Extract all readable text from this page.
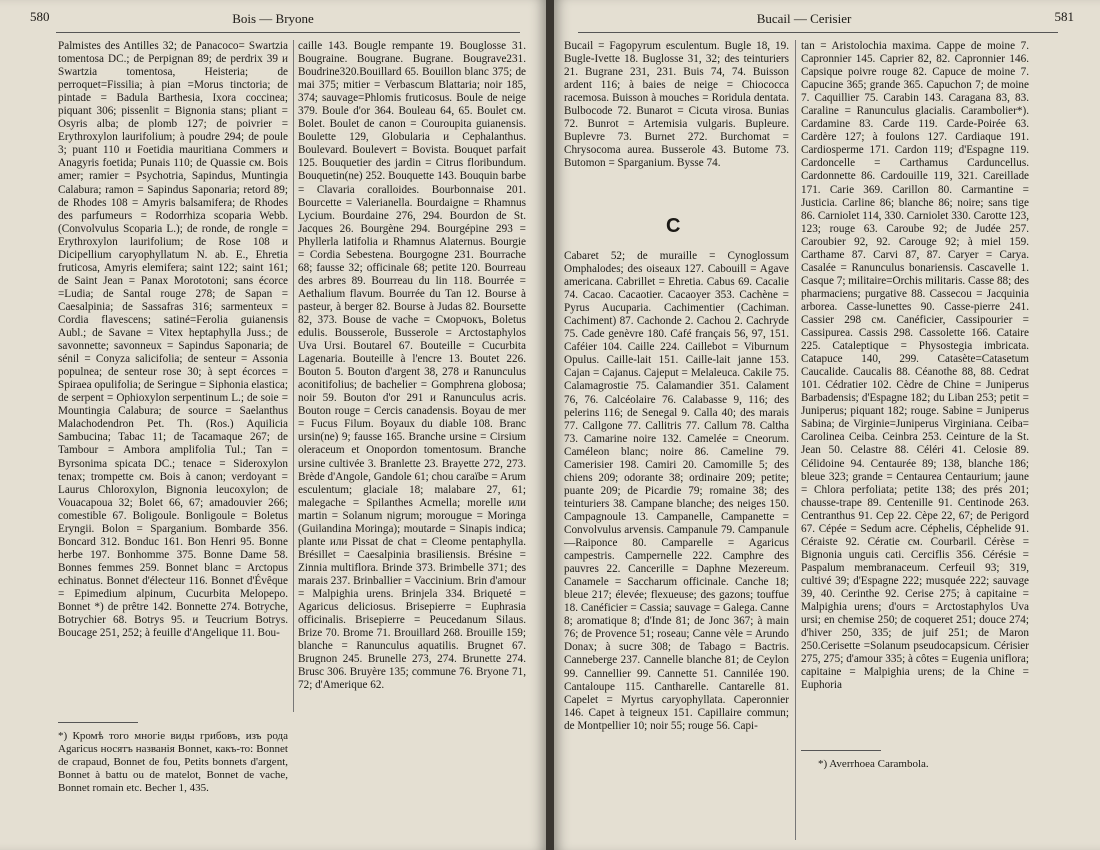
580	Bois — Bryone

Palmistes des Antilles 32; de Panacoco= Swartzia tomentosa DC.; de Perpignan 89; de perdrix 39 и Swartzia tomentosa, Heisteria; de perroquet=Fissilia; à pian =Morus tinctoria; de pintade = Badula Barthesia, Ixora coccinea; piquant 306; pissenlit = Bignonia stans; pliant = Osyris alba; de plomb 127; de poivrier = Erythroxylon laurifolium; à poudre 294; de poule 3; puant 110 и Foetidia mauritiana Commers и Anagyris foetida; Punais 110; de Quassie см. Bois amer; ramier = Psychotria, Sapindus, Muntingia Calabura; ramon = Sapindus Saponaria; retord 89; de Rhodes 108 = Amyris balsamifera; de Rhodes des parfumeurs = Rodorrhiza scoparia Webb. (Convolvulus Scoparia L.); de ronde, de rongle = Erythroxylon laurifolium; de Rose 108 и Dicipellium caryophyllatum N. ab. E., Ehretia fruticosa, Amyris elemifera; saint 122; saint 161; de Saint Jean = Panax Morototoni; sans écorce =Ludia; de Santal rouge 278; de Sapan = Caesalpinia; de Sassafras 316; sarmenteux = Cordia flavescens; satiné=Ferolia guianensis Aubl.; de Savane = Vitex heptaphylla Juss.; de savonnette; savonneux = Sapindus Saponaria; de sénil = Conyza salicifolia; de senteur = Assonia populnea; de senteur rose 30; à sept écorces = Spiraea opulifolia; de Seringue = Siphonia elastica; de serpent = Ophioxylon serpentinum L.; de soie = Mountingia Calabura; de source = Saelanthus Malachodendron Pet. Th. (Ros.) Aquilicia Sambucina; Tabac 11; de Tacamaque 267; de Tambour = Ambora amplifolia Tul.; Tan = Byrsonima spicata DC.; tenace = Sideroxylon tenax; trompette см. Bois à canon; verdoyant = Laurus Chloroxylon, Bignonia leucoxylon; de Vouacapoua 32; Bolet 66, 67; amadouvier 266; comestible 67. Boligoule. Bonligoule = Boletus Eryngii. Bolon = Sparganium. Bombarde 356. Boncard 312. Bonduc 161. Bon Henri 95. Bonne herbe 197. Bonhomme 375. Bonne Dame 58. Bonnes femmes 259. Bonnet blanc = Arctopus echinatus. Bonnet d'électeur 116. Bonnet d'Évêque = Epimedium alpinum, Cucurbita Melopepo. Bonnet *) de prêtre 142. Bonnette 274. Botryche, Botrychier 68. Botrys 95. и Teucrium Botrys. Boucage 251, 252; à feuille d'Angelique 11. Bou-

caille 143. Bougle rempante 19. Bouglosse 31. Bougraine. Bougrane. Bugrane. Bougrave231. Boudrine320.Bouillard 65. Bouillon blanc 375; de mai 375; mitier = Verbascum Blattaria; noir 185, 374; sauvage=Phlomis fruticosus. Boule de neige 379. Boule d'or 364. Bouleau 64, 65. Boulet см. Bolet. Boulet de canon = Couroupita guianensis. Boulette 129, Globularia и Cephalanthus. Boulevard. Boulevert = Bovista. Bouquet parfait 125. Bouquetier des jardin = Citrus floribundum. Bouquetin(ne) 252. Bouquette 143. Bouquin barbe = Clavaria coralloides. Bourbonnaise 201. Bourcette = Valerianella. Bourdaigne = Rhamnus Lycium. Bourdaine 276, 294. Bourdon de St. Jacques 26. Bourgène 294. Bourgépine 293 = Phyllerla latifolia и Rhamnus Alaternus. Bourgie = Cordia Sebestena. Bourgogne 231. Bourrache 68; fausse 32; officinale 68; petite 120. Bourreau des arbres 89. Bourreau du lin 118. Bourrée = Aethalium flavum. Bourrée du Tan 12. Bourse à pasteur, à berger 82. Bourse à Judas 82. Boursette 82, 373. Bouse de vache = Сморчокъ, Boletus edulis. Bousserole, Busserole = Arctostaphylos Uva Ursi. Boutarel 67. Bouteille = Cucurbita Lagenaria. Bouteille à l'encre 13. Boutet 226. Bouton 5. Bouton d'argent 38, 278 и Ranunculus aconitifolius; de bachelier = Gomphrena globosa; noir 59. Bouton d'or 291 и Ranunculus acris. Bouton rouge = Cercis canadensis. Boyau de mer = Fucus Filum. Boyaux du diable 108. Branc ursin(ne) 9; fausse 165. Branche ursine = Cirsium oleraceum et Onopordon tomentosum. Branche ursine cultivée 3. Branlette 23. Brayette 272, 273. Brède d'Angole, Gandole 61; chou caraïbe = Arum esculentum; glaciale 18; malabare 27, 61; malegache = Spilanthes Acmella; morelle или martin = Solanum nigrum; morougue = Moringa (Guilandina Moringa); moutarde = Sinapis indica; plante или Pissat de chat = Cleome pentaphylla. Brésillet = Caesalpinia brasiliensis. Brésine = Zinnia multiflora. Brinde 373. Brimbelle 371; des marais 237. Brinballier = Vaccinium. Brin d'amour = Malpighia urens. Brinjela 334. Briqueté = Agaricus deliciosus. Brisepierre = Euphrasia officinalis. Brisepierre = Peucedanum Silaus. Brize 70. Brome 71. Brouillard 268. Brouille 159; blanche = Ranunculus aquatilis. Brugnet 67. Brugnon 245. Brunelle 273, 274. Brunette 274. Brusc 306. Bruyère 135; commune 76. Bryone 71, 72; d'Amerique 62.

*) Кромѣ того многіе виды грибовъ, изъ рода Agaricus носятъ названія Bonnet, какъ-то: Bonnet de crapaud, Bonnet de fou, Petits bonnets d'argent, Bonnet à battu ou de matelot, Bonnet de vache, Bonnet romain etc. Becher 1, 435.
Bucail — Cerisier	581

Bucail = Fagopyrum esculentum. Bugle 18, 19. Bugle-Ivette 18. Buglosse 31, 32; des teinturiers 21. Bugrane 231, 231. Buis 74, 74. Buisson ardent 116; à baies de neige = Chiococca racemosa. Buisson à mouches = Roridula dentata. Bulbocode 72. Bunarot = Cicuta virosa. Bunias 72. Bunrot = Artemisia vulgaris. Bupleure. Buplevre 73. Burnet 272. Burchomat = Chrysocoma aurea. Busserole 43. Butome 73. Butomon = Sparganium. Bysse 74.

C

Cabaret 52; de muraille = Cynoglossum Omphalodes; des oiseaux 127. Cabouill = Agave americana. Cabrillet = Ehretia. Cabus 69. Cacalie 74. Cacao. Cacaotier. Cacaoyer 353. Cachène = Pyrus Aucuparia. Cachimentier (Cachiman. Cachiment) 87. Cachonde 2. Cachou 2. Cachryde 75. Cade genèvre 180. Café français 56, 97, 151. Caféier 104. Caille 224. Caillebot = Viburnum Opulus. Caille-lait 151. Caille-lait janne 153. Cajan = Cajanus. Cajeput = Melaleuca. Cakile 75. Calamagrostie 75. Calamandier 351. Calament 76, 76. Calcéolaire 76. Calabasse 9, 116; des pelerins 116; de Senegal 9. Calla 40; des marais 77. Callgone 77. Callitris 77. Callum 78. Caltha 73. Camarine noire 132. Camelée = Cneorum. Caméleon blanc; noire 86. Cameline 79. Camerisier 198. Camiri 20. Camomille 5; des chiens 209; odorante 38; ordinaire 209; petite; puante 209; de Picardie 79; romaine 38; des teinturiers 38. Campane blanche; des neiges 150. Campagnoule 13. Campanelle, Campanette = Convolvulus arvensis. Campanule 79. Campanule—Raiponce 80. Camparelle = Agaricus campestris. Campernelle 222. Camphre des pauvres 22. Cancerille = Daphne Mezereum. Canamele = Saccharum officinale. Canche 18; bleue 217; élevée; flexueuse; des gazons; touffue 18. Canéficier = Cassia; sauvage = Galega. Canne 8; aromatique 8; d'Inde 81; de Jonc 367; à main 76; de Provence 51; roseau; Canne vèle = Arundo Donax; à sucre 308; de Tabago = Bactris. Canneberge 237. Cannelle blanche 81; de Ceylon 99. Cannellier 99. Cannette 51. Cannilée 190. Cantaloupe 115. Cantharelle. Cantarelle 81. Capelet = Myrtus caryophyllata. Caperonnier 146. Capet à teigneux 151. Capillaire commun; de Montpellier 10; noir 55; rouge 56. Capi-

tan = Aristolochia maxima. Cappe de moine 7. Capronnier 145. Caprier 82, 82. Capronnier 146. Capsique poivre rouge 82. Capuce de moine 7. Capucine 365; grande 365. Capuchon 7; de moine 7. Caquillier 75. Carabin 143. Caragana 83, 83. Caraline = Ranunculus glacialis. Carambolier*). Cardamine 83. Carde 119. Carde-Poirée 63. Cardère 127; à foulons 127. Cardiaque 191. Cardiosperme 171. Cardon 119; d'Espagne 119. Cardoncelle = Carthamus Carduncellus. Cardonnette 86. Cardouille 119, 321. Careillade 171. Carie 369. Carillon 80. Carmantine = Justicia. Carline 86; blanche 86; noire; sans tige 86. Carniolet 114, 330. Carniolet 330. Carotte 123, 123; rouge 63. Caroube 92; de Judée 257. Caroubier 92, 92. Carouge 92; à miel 159. Carthame 87. Carvi 87, 87. Caryer = Carya. Casalée = Ranunculus bonariensis. Cascavelle 1. Casque 7; militaire=Orchis militaris. Casse 88; des pharmaciens; purgative 88. Cassecou = Jacquinia arborea. Casse-lunettes 90. Casse-pierre 241. Cassier 298 см. Canéficier, Cassipourier = Cassipurea. Cassis 298. Cassolette 166. Cataire 225. Cataleptique = Physostegia imbricata. Catapuce 140, 299. Catasète=Catasetum Caucalide. Caucalis 88. Céanothe 88, 88. Cedrat 101. Cédratier 102. Cèdre de Chine = Juniperus Barbadensis; d'Espagne 182; du Liban 253; petit = Juniperus; piquant 182; rouge. Sabine = Juniperus Sabina; de Virginie=Juniperus Virginiana. Ceiba= Carolinea Ceiba. Ceinbra 253. Ceinture de la St. Jean 50. Celastre 88. Céléri 41. Celosie 89. Célidoine 94. Centaurée 89; 138, blanche 186; bleue 323; grande = Centaurea Centaurium; jaune = Chlora perfoliata; petite 138; des prés 201; chausse-trape 89. Centenille 91. Centinode 263. Centranthus 91. Cep 22. Cèpe 22, 67; de Perigord 67. Cépée = Sedum acre. Céphelis, Céphelide 91. Céraiste 92. Cératie см. Courbaril. Cérèse = Bignonia unguis cati. Cerciflis 356. Cérésie = Paspalum membranaceum. Cerfeuil 93; 319, cultivé 39; d'Espagne 222; musquée 222; sauvage 39, 40. Cerinthe 92. Cerise 275; à capitaine = Malpighia urens; d'ours = Arctostaphylos Uva ursi; en chemise 250; de coqueret 251; douce 274; d'hiver 250, 335; de juif 251; de Maron 250.Cerisette =Solanum pseudocapsicum. Cérisier 275, 275; d'amour 335; à côtes = Eugenia uniflora; capitaine = Malpighia urens; de la Chine = Euphoria

*) Averrhoea Carambola.
